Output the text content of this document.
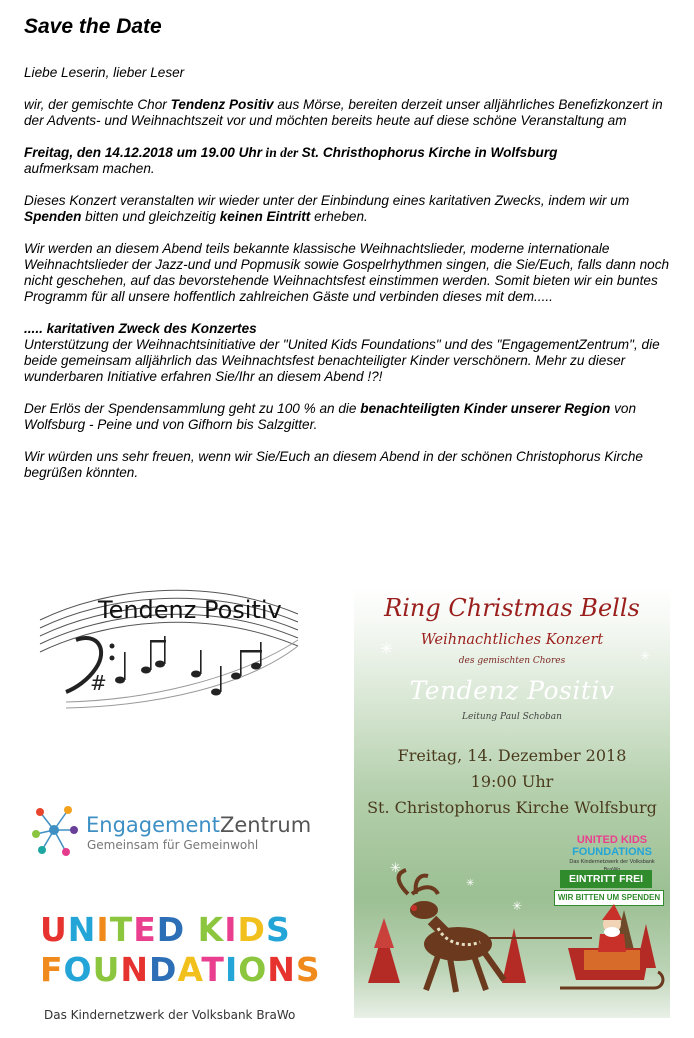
Save the Date

Liebe Leserin, lieber Leser

wir, der gemischte Chor Tendenz Positiv aus Mörse, bereiten derzeit unser alljährliches Benefizkonzert in der Advents- und Weihnachtszeit vor und möchten bereits heute auf diese schöne Veranstaltung am

Freitag, den 14.12.2018 um 19.00 Uhr in der St. Christhophorus Kirche in Wolfsburg
aufmerksam machen.

Dieses Konzert veranstalten wir wieder unter der Einbindung eines karitativen Zwecks, indem wir um Spenden bitten und gleichzeitig keinen Eintritt erheben.

Wir werden an diesem Abend teils bekannte klassische Weihnachtslieder, moderne internationale Weihnachtslieder der Jazz-und und Popmusik sowie Gospelrhythmen singen, die Sie/Euch, falls dann noch nicht geschehen, auf das bevorstehende Weihnachtsfest einstimmen werden. Somit bieten wir ein buntes Programm für all unsere hoffentlich zahlreichen Gäste und verbinden dieses mit dem.....

..... karitativen Zweck des Konzertes
Unterstützung der Weihnachtsinitiative der "United Kids Foundations" und des "EngagementZentrum", die beide gemeinsam alljährlich das Weihnachtsfest benachteiligter Kinder verschönern. Mehr zu dieser wunderbaren Initiative erfahren Sie/Ihr an diesem Abend !?!

Der Erlös der Spendensammlung geht zu 100 % an die benachteiligten Kinder unserer Region von Wolfsburg - Peine und von Gifhorn bis Salzgitter.

Wir würden uns sehr freuen, wenn wir Sie/Euch an diesem Abend in der schönen Christophorus Kirche begrüßen könnten.

#
Tendenz Positiv
EngagementZentrum
Gemeinsam für Gemeinwohl
UNITED KIDS
FOUNDATIONS
Das Kindernetzwerk der Volksbank BraWo
Ring Christmas Bells
Weihnachtliches Konzert
des gemischten Chores
Tendenz Positiv
Leitung Paul Schoban
Freitag, 14. Dezember 2018
19:00 Uhr
St. Christophorus Kirche Wolfsburg
UNITED KIDS
FOUNDATIONS
Das Kindernetzwerk der Volksbank
EINTRITT FREI
WIR BITTEN UM SPENDEN
✳
✳
✳
✳
✳
